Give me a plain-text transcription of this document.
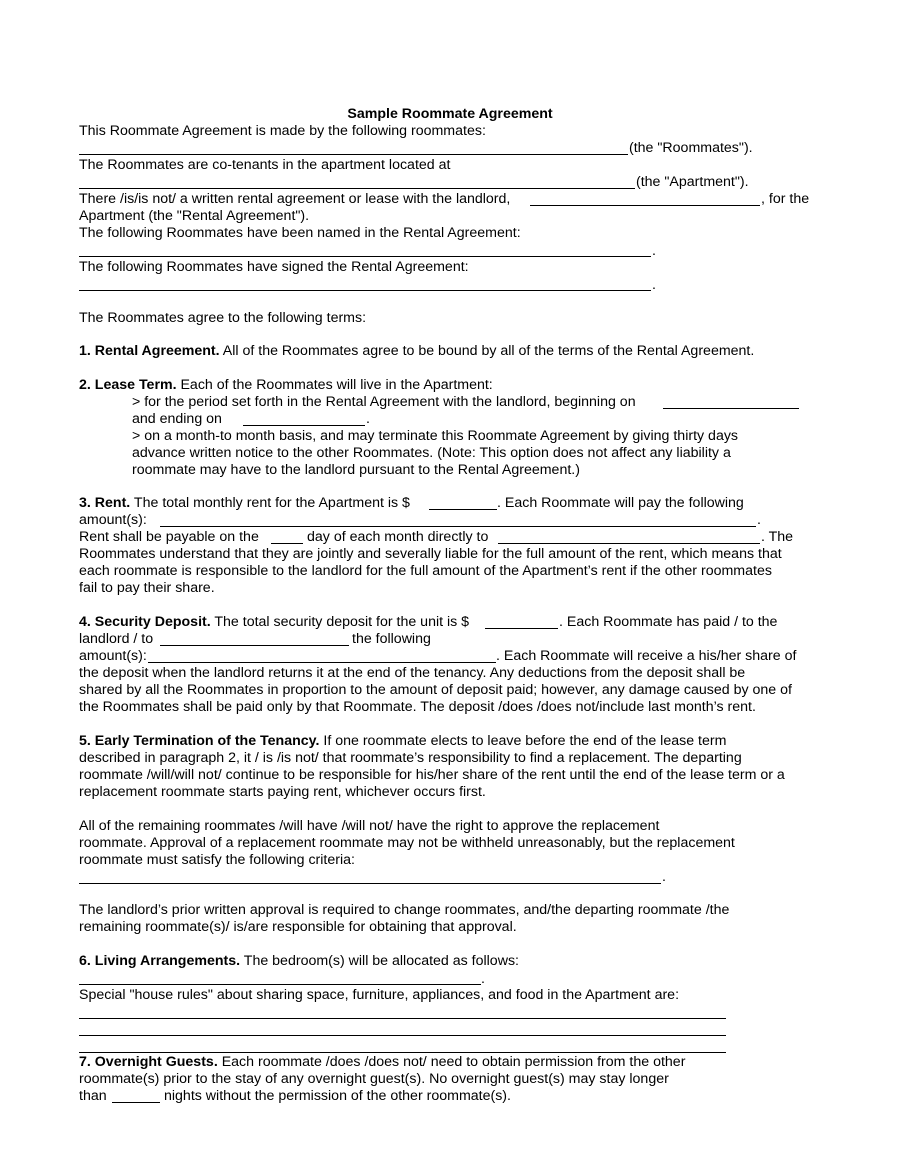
Sample Roommate Agreement
This Roommate Agreement is made by the following roommates:
(the "Roommates").
The Roommates are co-tenants in the apartment located at
(the "Apartment").
There /is/is not/ a written rental agreement or lease with the landlord,	, for the
Apartment (the "Rental Agreement").
The following Roommates have been named in the Rental Agreement:
.
The following Roommates have signed the Rental Agreement:
.
The Roommates agree to the following terms:
1. Rental Agreement. All of the Roommates agree to be bound by all of the terms of the Rental Agreement.
2. Lease Term. Each of the Roommates will live in the Apartment:
> for the period set forth in the Rental Agreement with the landlord, beginning on
and ending on	.
> on a month-to month basis, and may terminate this Roommate Agreement by giving thirty days
advance written notice to the other Roommates. (Note: This option does not affect any liability a
roommate may have to the landlord pursuant to the Rental Agreement.)
3. Rent. The total monthly rent for the Apartment is $	. Each Roommate will pay the following
amount(s):	.
Rent shall be payable on the	day of each month directly to	. The
Roommates understand that they are jointly and severally liable for the full amount of the rent, which means that
each roommate is responsible to the landlord for the full amount of the Apartment’s rent if the other roommates
fail to pay their share.
4. Security Deposit. The total security deposit for the unit is $	. Each Roommate has paid / to the
landlord / to	the following
amount(s):	. Each Roommate will receive a his/her share of
the deposit when the landlord returns it at the end of the tenancy. Any deductions from the deposit shall be
shared by all the Roommates in proportion to the amount of deposit paid; however, any damage caused by one of
the Roommates shall be paid only by that Roommate. The deposit /does /does not/include last month’s rent.
5. Early Termination of the Tenancy. If one roommate elects to leave before the end of the lease term
described in paragraph 2, it / is /is not/ that roommate’s responsibility to find a replacement. The departing
roommate /will/will not/ continue to be responsible for his/her share of the rent until the end of the lease term or a
replacement roommate starts paying rent, whichever occurs first.
All of the remaining roommates /will have /will not/ have the right to approve the replacement
roommate. Approval of a replacement roommate may not be withheld unreasonably, but the replacement
roommate must satisfy the following criteria:
.
The landlord’s prior written approval is required to change roommates, and/the departing roommate /the
remaining roommate(s)/ is/are responsible for obtaining that approval.
6. Living Arrangements. The bedroom(s) will be allocated as follows:
.
Special "house rules" about sharing space, furniture, appliances, and food in the Apartment are:
7. Overnight Guests. Each roommate /does /does not/ need to obtain permission from the other
roommate(s) prior to the stay of any overnight guest(s). No overnight guest(s) may stay longer
than	nights without the permission of the other roommate(s).
